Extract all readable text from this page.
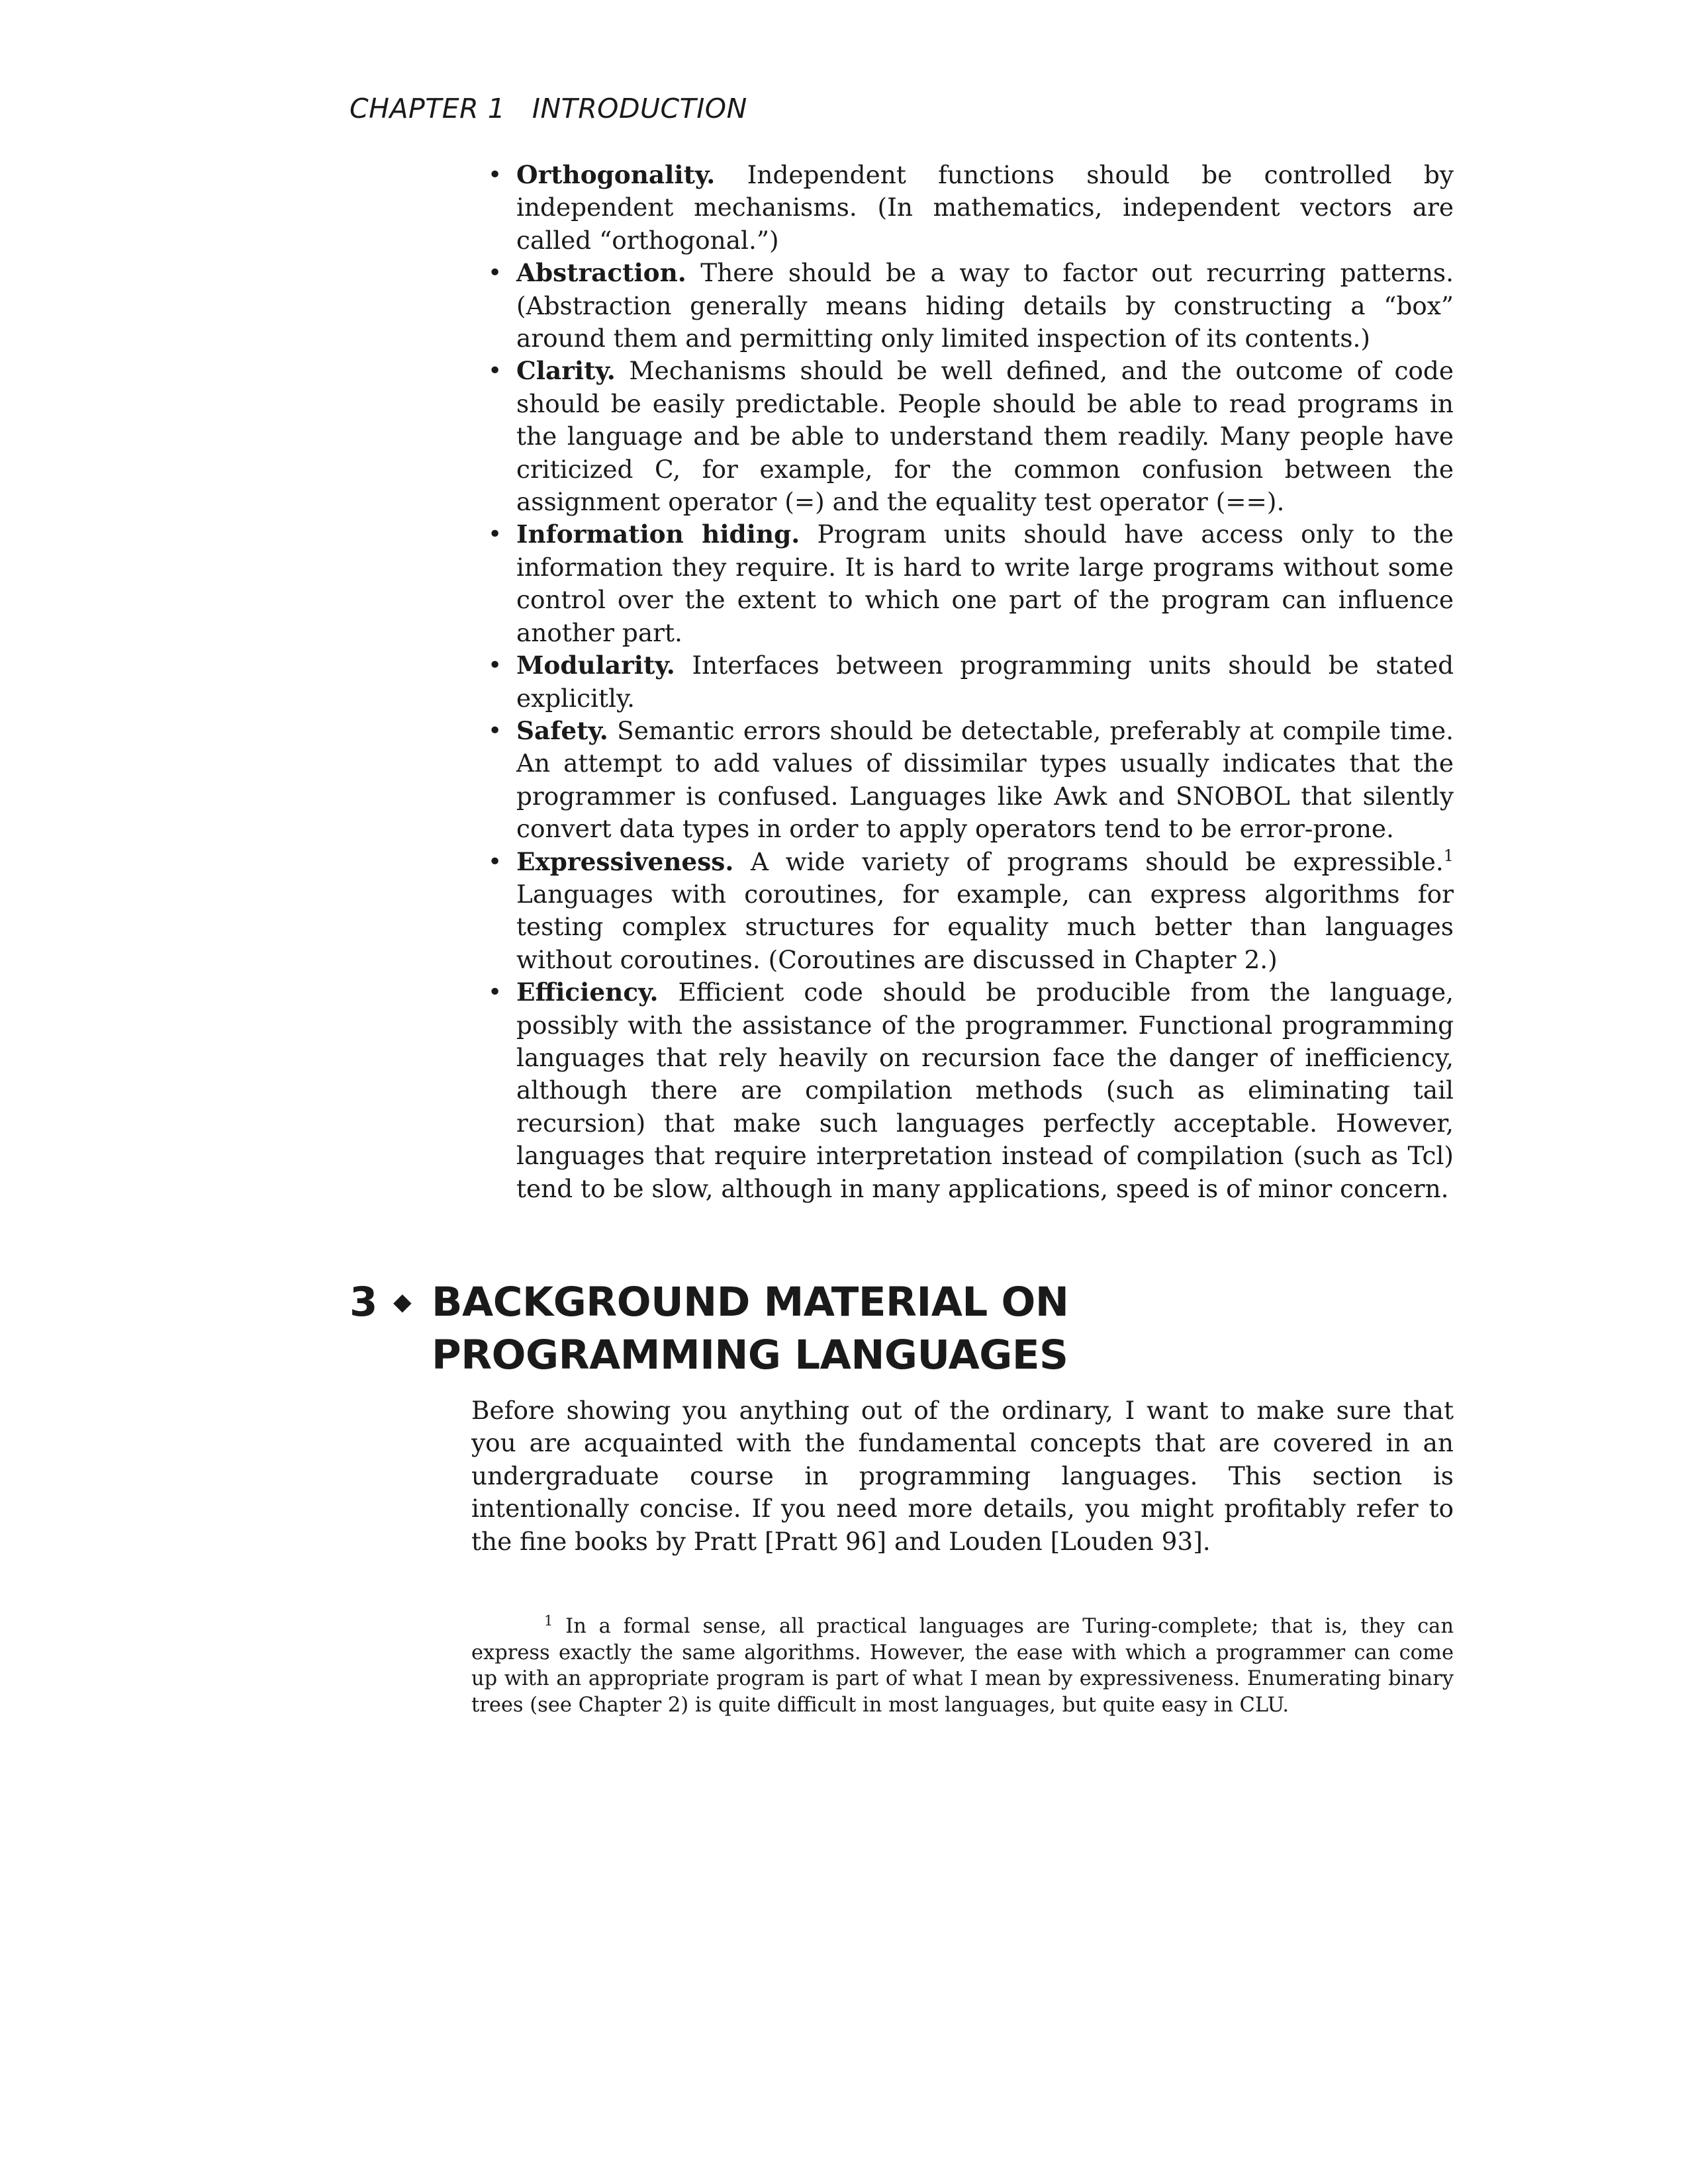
CHAPTER 1   INTRODUCTION
• Orthogonality. Independent functions should be controlled by independent mechanisms. (In mathematics, independent vectors are called “orthogonal.”)
• Abstraction. There should be a way to factor out recurring patterns. (Abstraction generally means hiding details by constructing a “box” around them and permitting only limited inspection of its contents.)
• Clarity. Mechanisms should be well defined, and the outcome of code should be easily predictable. People should be able to read programs in the language and be able to understand them readily. Many people have criticized C, for example, for the common confusion between the assignment operator (=) and the equality test operator (==).
• Information hiding. Program units should have access only to the information they require. It is hard to write large programs without some control over the extent to which one part of the program can influence another part.
• Modularity. Interfaces between programming units should be stated explicitly.
• Safety. Semantic errors should be detectable, preferably at compile time. An attempt to add values of dissimilar types usually indicates that the programmer is confused. Languages like Awk and SNOBOL that silently convert data types in order to apply operators tend to be error-prone.
• Expressiveness. A wide variety of programs should be expressible.$^1$ Languages with coroutines, for example, can express algorithms for testing complex structures for equality much better than languages without coroutines. (Coroutines are discussed in Chapter 2.)
• Efficiency. Efficient code should be producible from the language, possibly with the assistance of the programmer. Functional programming languages that rely heavily on recursion face the danger of inefficiency, although there are compilation methods (such as eliminating tail recursion) that make such languages perfectly acceptable. However, languages that require interpretation instead of compilation (such as Tcl) tend to be slow, although in many applications, speed is of minor concern.
3 ◆ BACKGROUND MATERIAL ON
PROGRAMMING LANGUAGES

Before showing you anything out of the ordinary, I want to make sure that you are acquainted with the fundamental concepts that are covered in an undergraduate course in programming languages. This section is intentionally concise. If you need more details, you might profitably refer to the fine books by Pratt [Pratt 96] and Louden [Louden 93].

$^1$ In a formal sense, all practical languages are Turing-complete; that is, they can express exactly the same algorithms. However, the ease with which a programmer can come up with an appropriate program is part of what I mean by expressiveness. Enumerating binary trees (see Chapter 2) is quite difficult in most languages, but quite easy in CLU.
